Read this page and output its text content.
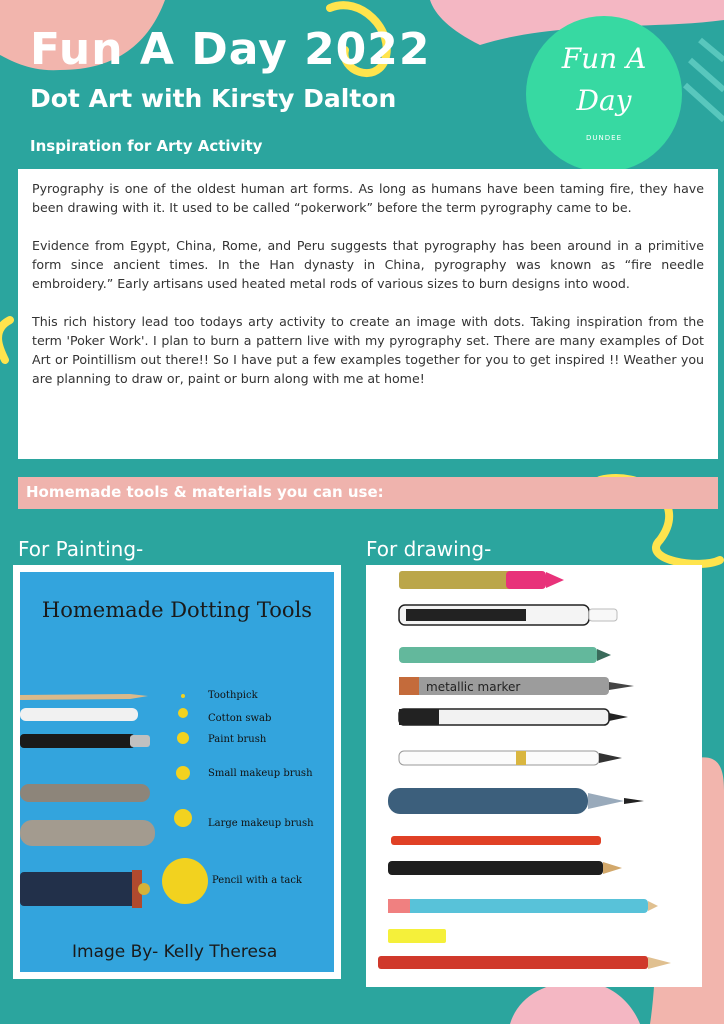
Fun A Day 2022
Dot Art with Kirsty Dalton
Inspiration for Arty Activity
Fun A
Day
DUNDEE

Pyrography is one of the oldest human art forms. As long as humans have been taming fire, they have been drawing with it. It used to be called “pokerwork” before the term pyrography came to be.

Evidence from Egypt, China, Rome, and Peru suggests that pyrography has been around in a primitive form since ancient times. In the Han dynasty in China, pyrography was known as “fire needle embroidery.” Early artisans used heated metal rods of various sizes to burn designs into wood.

This rich history lead too todays arty activity to create an image with dots. Taking inspiration from the term 'Poker Work'. I plan to burn a pattern live with my pyrography set. There are many examples of Dot Art or Pointillism out there!! So I have put a few examples together for you to get inspired !! Weather you are planning to draw or, paint or burn along with me at home!

Homemade tools & materials you can use:
For Painting-	For drawing-
Homemade Dotting Tools
Toothpick
Cotton swab
Paint brush
Small makeup brush
Large makeup brush
Pencil with a tack
Image By- Kelly Theresa
metallic marker
